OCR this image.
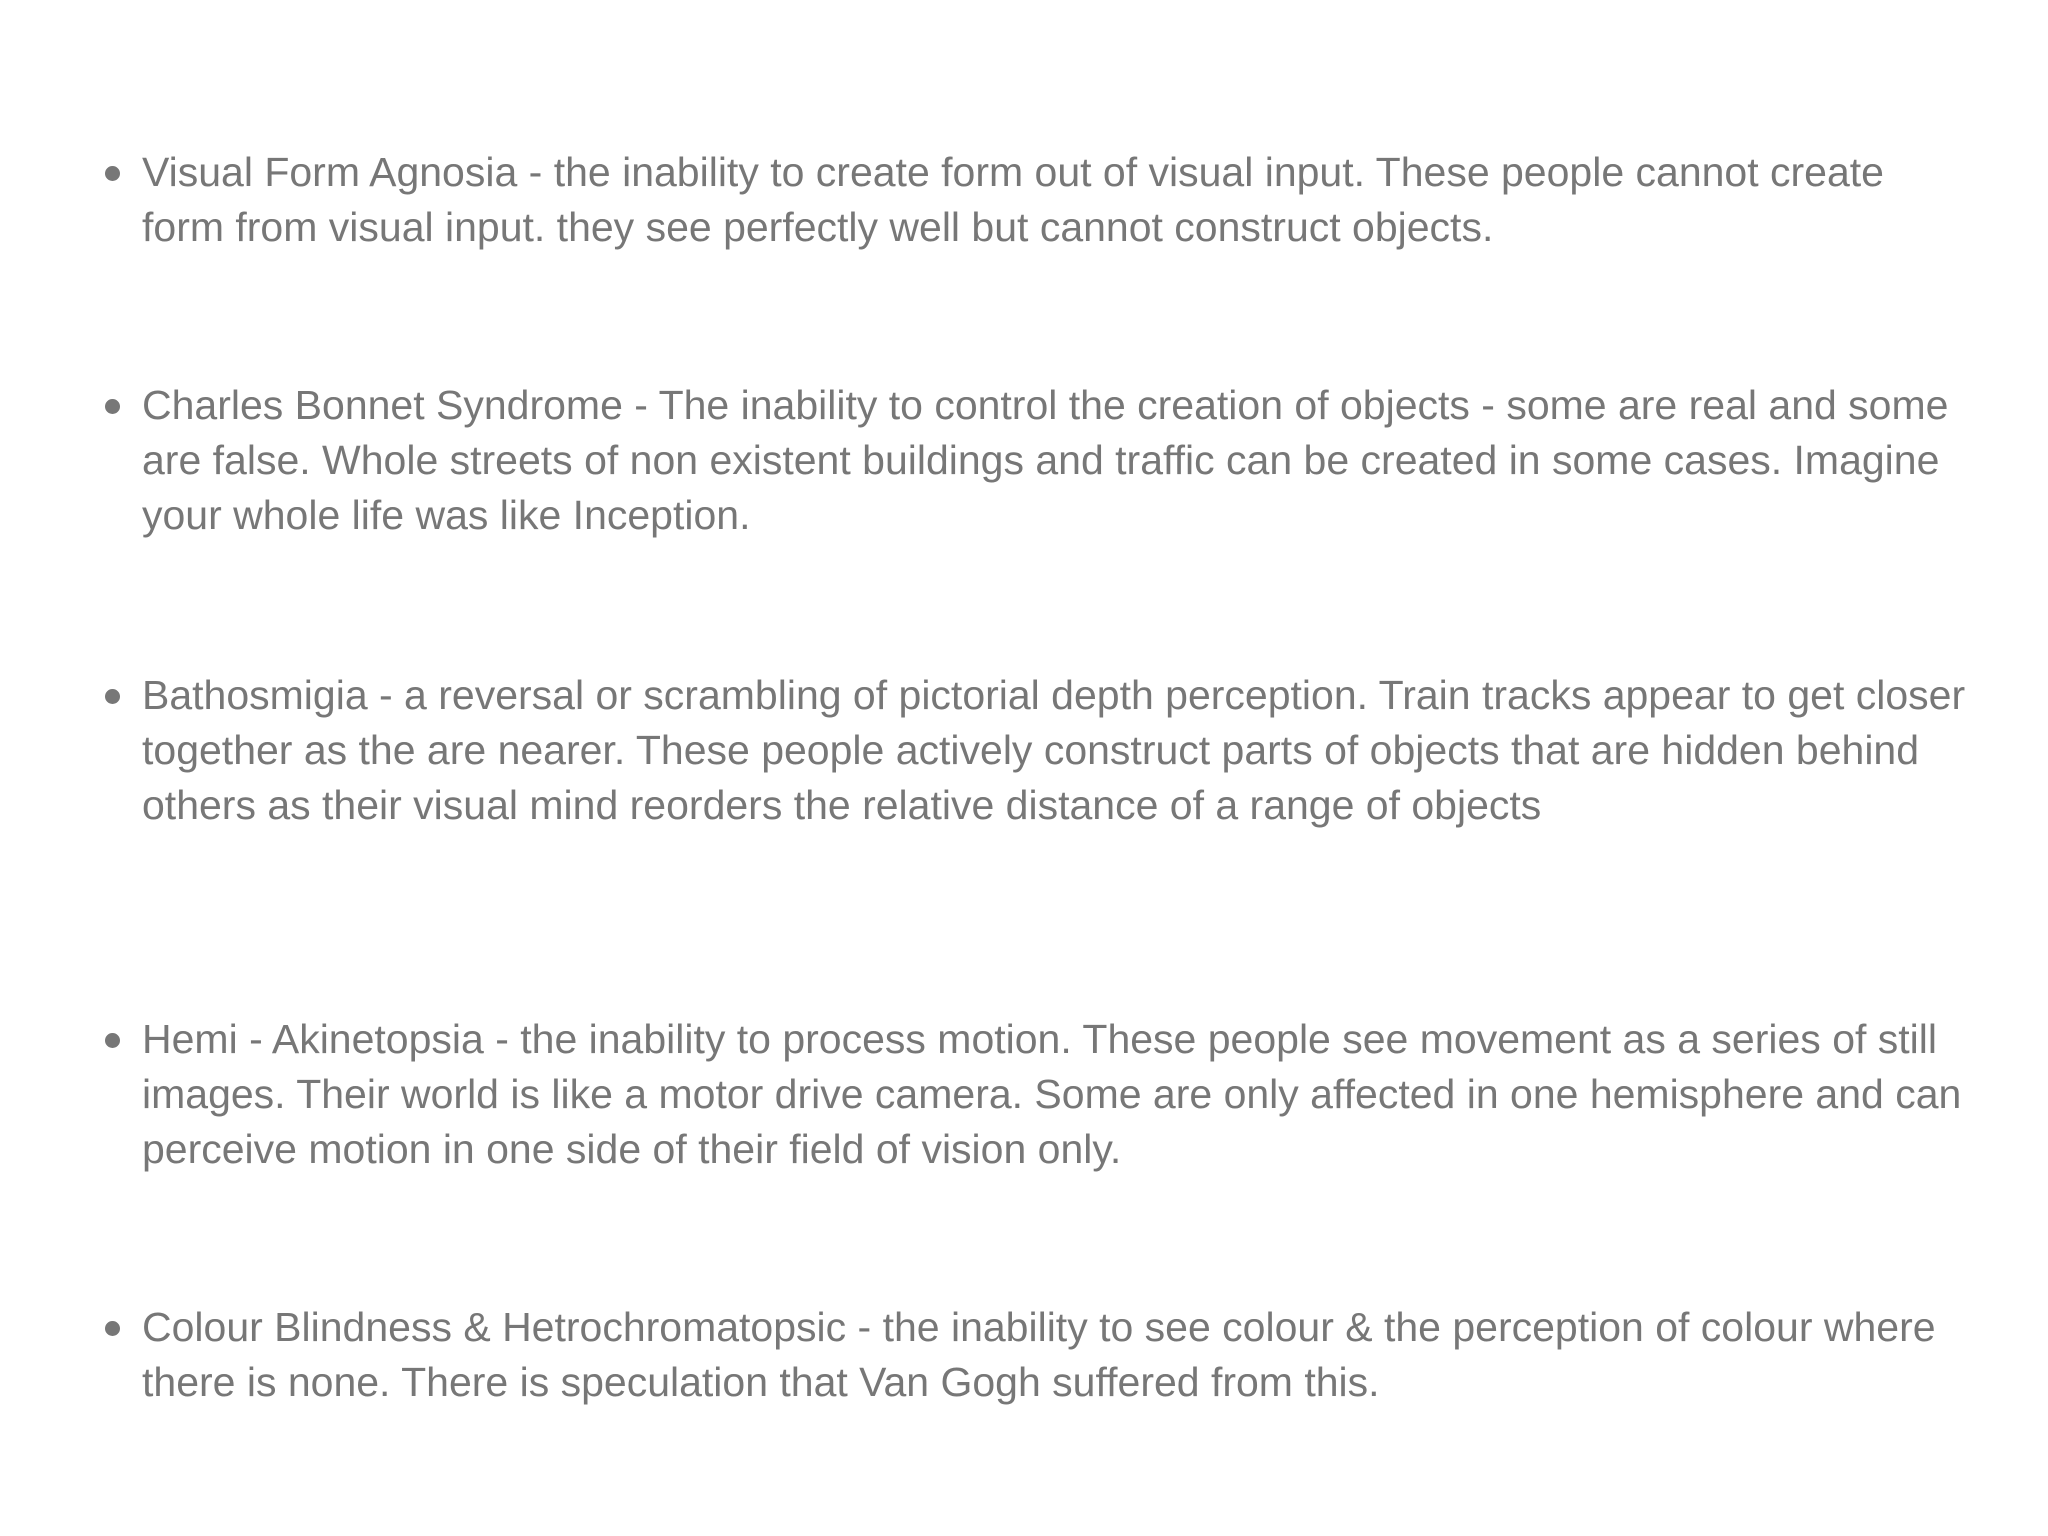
Visual Form Agnosia - the inability to create form out of visual input. These people cannot create form from visual input. they see perfectly well but cannot construct objects.
Charles Bonnet Syndrome - The inability to control the creation of objects - some are real and some are false. Whole streets of non existent buildings and traffic can be created in some cases. Imagine your whole life was like Inception.
Bathosmigia - a reversal or scrambling of pictorial depth perception. Train tracks appear to get closer together as the are nearer. These people actively construct parts of objects that are hidden behind others as their visual mind reorders the relative distance of a range of objects
Hemi - Akinetopsia - the inability to process motion. These people see movement as a series of still images. Their world is like a motor drive camera. Some are only affected in one hemisphere and can perceive motion in one side of their field of vision only.
Colour Blindness & Hetrochromatopsic - the inability to see colour & the perception of colour where there is none. There is speculation that Van Gogh suffered from this.
